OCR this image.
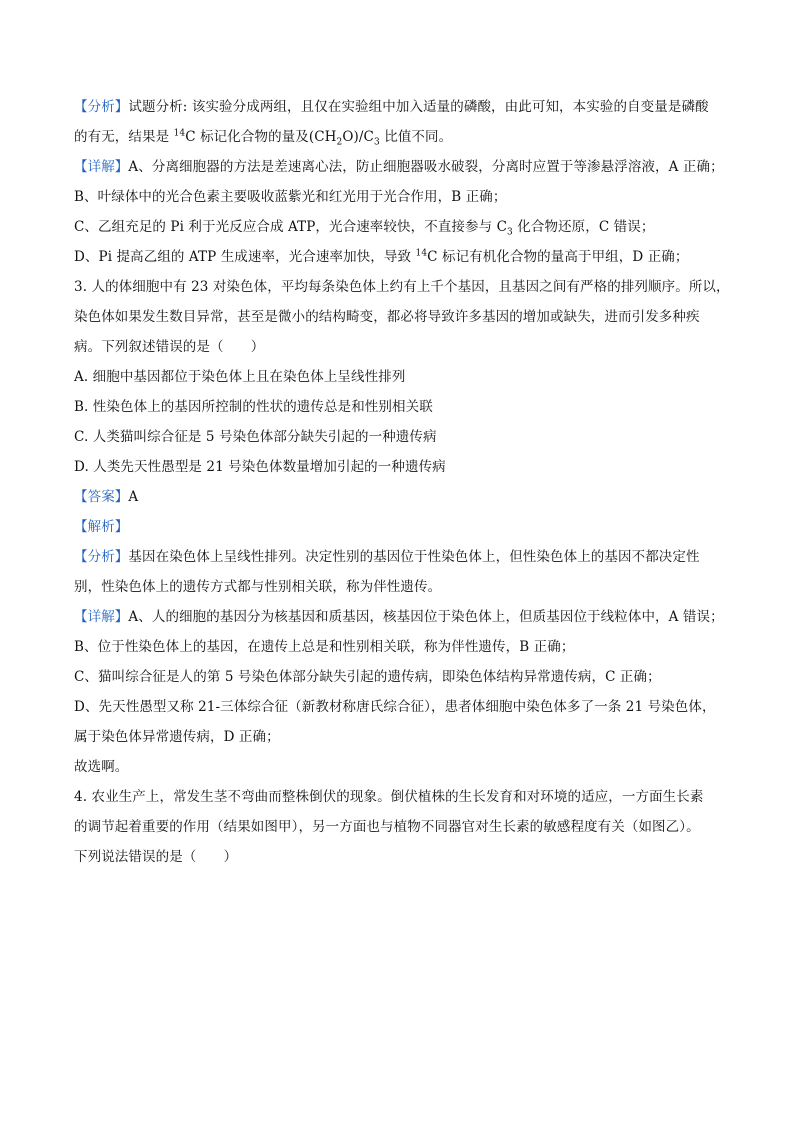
【分析】试题分析: 该实验分成两组，且仅在实验组中加入适量的磷酸，由此可知，本实验的自变量是磷酸
的有无，结果是 $^{14}$C 标记化合物的量及$(CH_2O)/C_3$ 比值不同。
【详解】A、分离细胞器的方法是差速离心法，防止细胞器吸水破裂，分离时应置于等渗悬浮溶液，A 正确；
B、叶绿体中的光合色素主要吸收蓝紫光和红光用于光合作用，B 正确；
C、乙组充足的 Pi 利于光反应合成 ATP，光合速率较快，不直接参与 $C_3$ 化合物还原，C 错误；
D、Pi 提高乙组的 ATP 生成速率，光合速率加快，导致 $^{14}$C 标记有机化合物的量高于甲组，D 正确；
3. 人的体细胞中有 23 对染色体，平均每条染色体上约有上千个基因，且基因之间有严格的排列顺序。所以，
染色体如果发生数目异常，甚至是微小的结构畸变，都必将导致许多基因的增加或缺失，进而引发多种疾
病。下列叙述错误的是（　　）
A. 细胞中基因都位于染色体上且在染色体上呈线性排列
B. 性染色体上的基因所控制的性状的遗传总是和性别相关联
C. 人类猫叫综合征是 5 号染色体部分缺失引起的一种遗传病
D. 人类先天性愚型是 21 号染色体数量增加引起的一种遗传病
【答案】A
【解析】
【分析】基因在染色体上呈线性排列。决定性别的基因位于性染色体上，但性染色体上的基因不都决定性
别，性染色体上的遗传方式都与性别相关联，称为伴性遗传。
【详解】A、人的细胞的基因分为核基因和质基因，核基因位于染色体上，但质基因位于线粒体中，A 错误；
B、位于性染色体上的基因，在遗传上总是和性别相关联，称为伴性遗传，B 正确；
C、猫叫综合征是人的第 5 号染色体部分缺失引起的遗传病，即染色体结构异常遗传病，C 正确；
D、先天性愚型又称 21-三体综合征（新教材称唐氏综合征），患者体细胞中染色体多了一条 21 号染色体，
属于染色体异常遗传病，D 正确；
故选啊。
4. 农业生产上，常发生茎不弯曲而整株倒伏的现象。倒伏植株的生长发育和对环境的适应，一方面生长素
的调节起着重要的作用（结果如图甲），另一方面也与植物不同器官对生长素的敏感程度有关（如图乙）。
下列说法错误的是（　　）
